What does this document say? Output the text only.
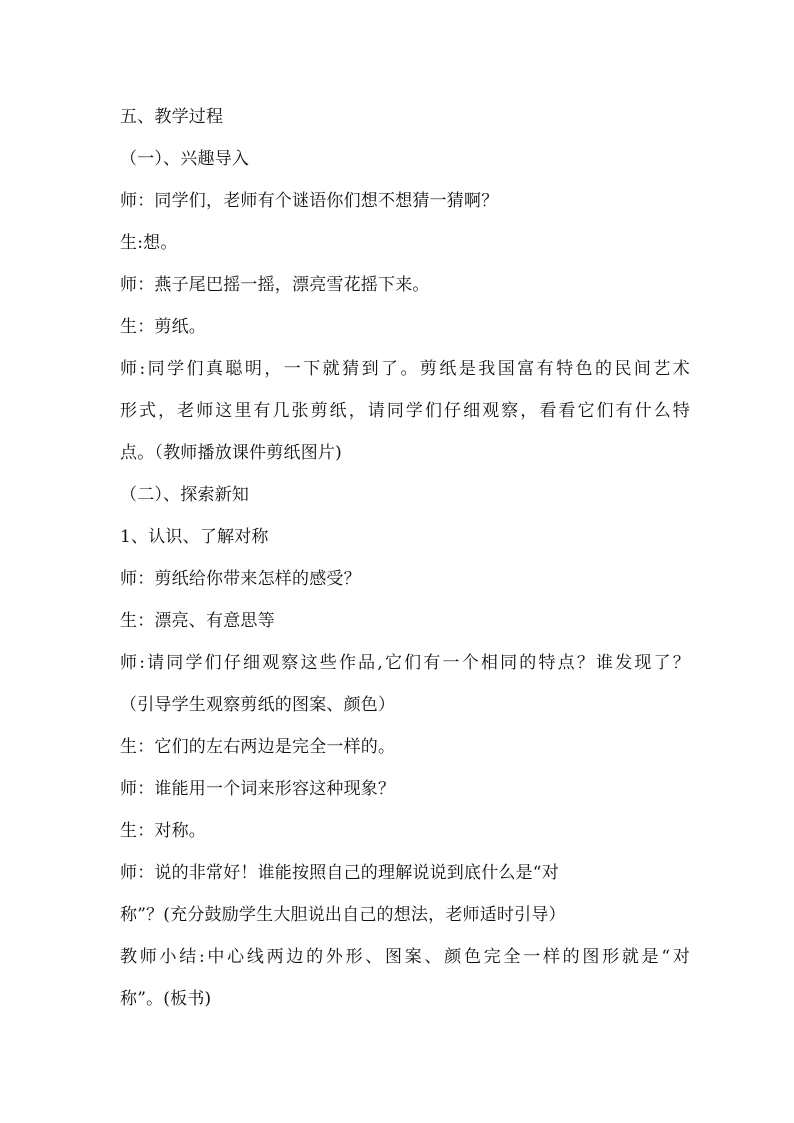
五、教学过程

（一）、兴趣导入

师：同学们，老师有个谜语你们想不想猜一猜啊？

生:想。

师：燕子尾巴摇一摇，漂亮雪花摇下来。

生：剪纸。

师:同学们真聪明，一下就猜到了。剪纸是我国富有特色的民间艺术

形式，老师这里有几张剪纸，请同学们仔细观察，看看它们有什么特

点。（教师播放课件剪纸图片)

（二）、探索新知

1、认识、了解对称

师：剪纸给你带来怎样的感受？

生：漂亮、有意思等

师:请同学们仔细观察这些作品,它们有一个相同的特点？谁发现了？

（引导学生观察剪纸的图案、颜色）

生：它们的左右两边是完全一样的。

师：谁能用一个词来形容这种现象？

生：对称。

师：说的非常好！谁能按照自己的理解说说到底什么是“对

称”？(充分鼓励学生大胆说出自己的想法，老师适时引导）

教师小结:中心线两边的外形、图案、颜色完全一样的图形就是“对

称”。(板书)
